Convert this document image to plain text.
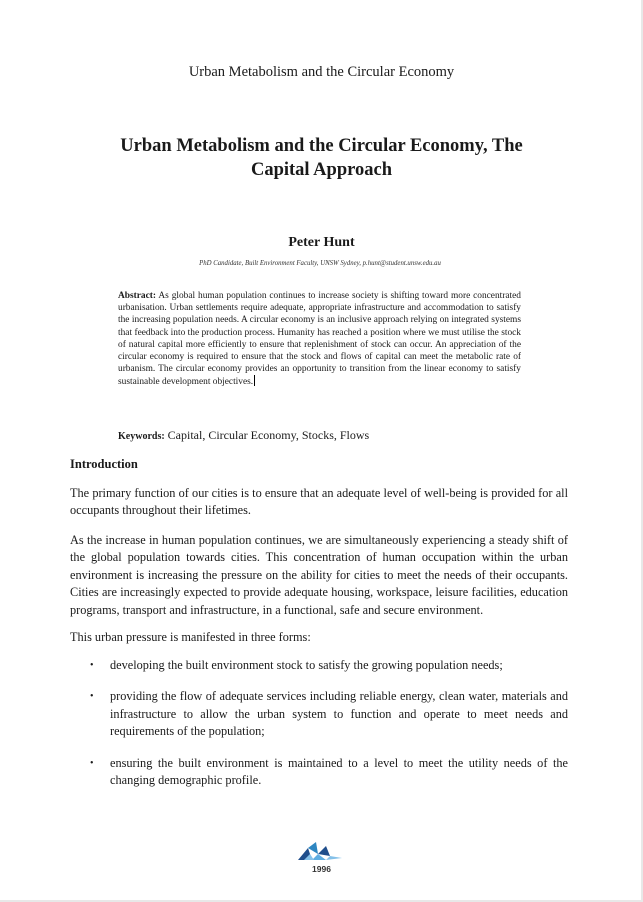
Urban Metabolism and the Circular Economy
Urban Metabolism and the Circular Economy, The Capital Approach
Peter Hunt
PhD Candidate, Built Environment Faculty, UNSW Sydney, p.hunt@student.unsw.edu.au
Abstract: As global human population continues to increase society is shifting toward more concentrated urbanisation. Urban settlements require adequate, appropriate infrastructure and accommodation to satisfy the increasing population needs. A circular economy is an inclusive approach relying on integrated systems that feedback into the production process. Humanity has reached a position where we must utilise the stock of natural capital more efficiently to ensure that replenishment of stock can occur. An appreciation of the circular economy is required to ensure that the stock and flows of capital can meet the metabolic rate of urbanism. The circular economy provides an opportunity to transition from the linear economy to satisfy sustainable development objectives.
Keywords: Capital, Circular Economy, Stocks, Flows
Introduction
The primary function of our cities is to ensure that an adequate level of well-being is provided for all occupants throughout their lifetimes.
As the increase in human population continues, we are simultaneously experiencing a steady shift of the global population towards cities. This concentration of human occupation within the urban environment is increasing the pressure on the ability for cities to meet the needs of their occupants. Cities are increasingly expected to provide adequate housing, workspace, leisure facilities, education programs, transport and infrastructure, in a functional, safe and secure environment.
This urban pressure is manifested in three forms:
• developing the built environment stock to satisfy the growing population needs;
• providing the flow of adequate services including reliable energy, clean water, materials and infrastructure to allow the urban system to function and operate to meet needs and requirements of the population;
• ensuring the built environment is maintained to a level to meet the utility needs of the changing demographic profile.
1996
